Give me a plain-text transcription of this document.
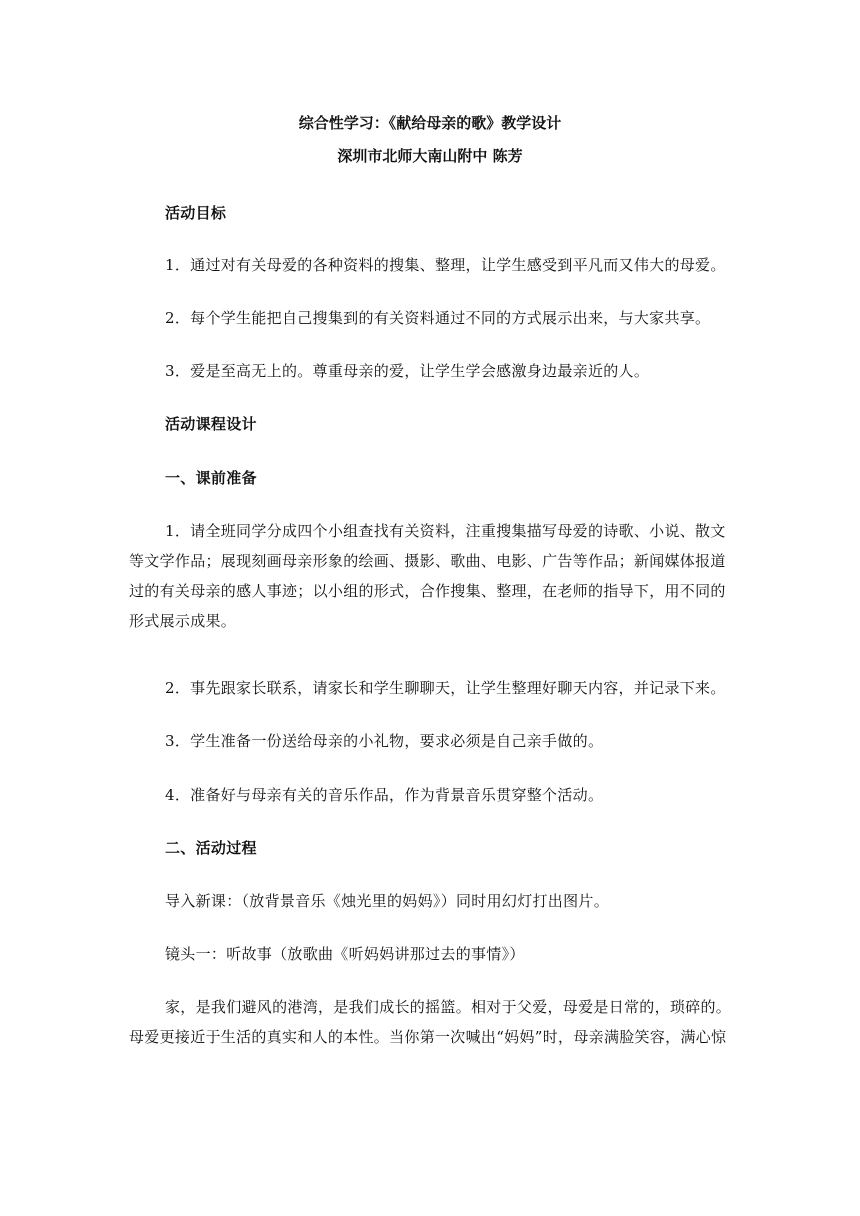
综合性学习：《献给母亲的歌》教学设计
深圳市北师大南山附中 陈芳

活动目标

1．通过对有关母爱的各种资料的搜集、整理，让学生感受到平凡而又伟大的母爱。

2．每个学生能把自己搜集到的有关资料通过不同的方式展示出来，与大家共享。

3．爱是至高无上的。尊重母亲的爱，让学生学会感激身边最亲近的人。

活动课程设计

一、课前准备

1．请全班同学分成四个小组查找有关资料，注重搜集描写母爱的诗歌、小说、散文等文学作品；展现刻画母亲形象的绘画、摄影、歌曲、电影、广告等作品；新闻媒体报道过的有关母亲的感人事迹；以小组的形式，合作搜集、整理，在老师的指导下，用不同的形式展示成果。

2．事先跟家长联系，请家长和学生聊聊天，让学生整理好聊天内容，并记录下来。

3．学生准备一份送给母亲的小礼物，要求必须是自己亲手做的。

4．准备好与母亲有关的音乐作品，作为背景音乐贯穿整个活动。

二、活动过程

导入新课：（放背景音乐《烛光里的妈妈》）同时用幻灯打出图片。

镜头一：听故事（放歌曲《听妈妈讲那过去的事情》）

家，是我们避风的港湾，是我们成长的摇篮。相对于父爱，母爱是日常的，琐碎的。母爱更接近于生活的真实和人的本性。当你第一次喊出“妈妈”时，母亲满脸笑容，满心惊
